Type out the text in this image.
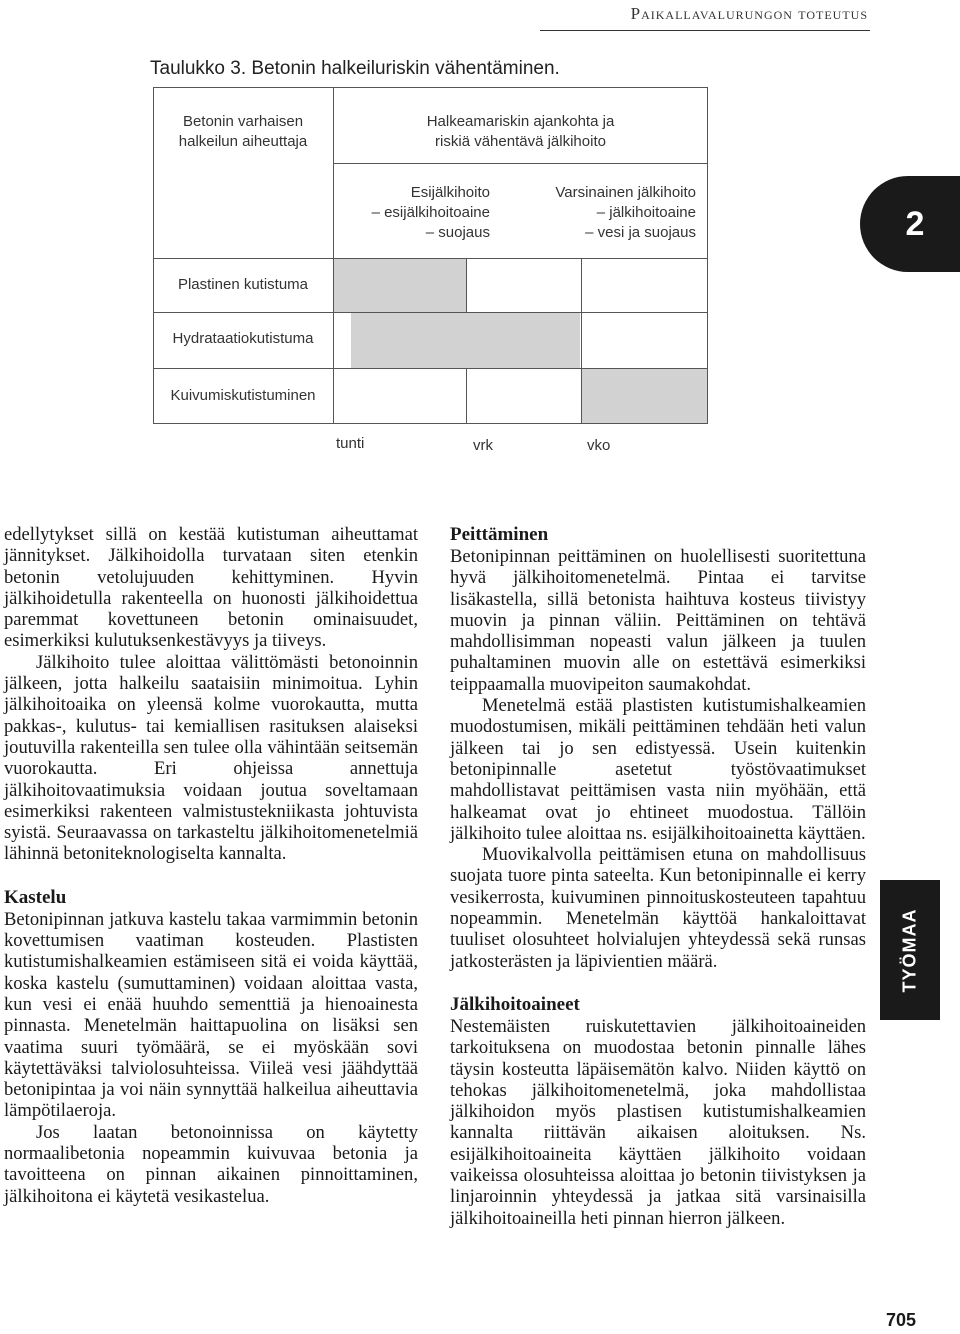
Paikallavalurungon toteutus
Taulukko 3. Betonin halkeiluriskin vähentäminen.
Betonin varhaisen
halkeilun aiheuttaja
Halkeamariskin ajankohta ja
riskiä vähentävä jälkihoito
Esijälkihoito
– esijälkihoitoaine
– suojaus
Varsinainen jälkihoito
– jälkihoitoaine
– vesi ja suojaus
Plastinen kutistuma
Hydrataatiokutistuma
Kuivumiskutistuminen
tunti	vrk	vko
2
TYÖMAA

edellytykset sillä on kestää kutistuman aiheuttamat jännitykset. Jälkihoidolla turvataan siten etenkin betonin vetolujuuden kehittyminen. Hyvin jälkihoidetulla rakenteella on huonosti jälkihoidettua paremmat kovettuneen betonin ominaisuudet, esimerkiksi kulutuksenkestävyys ja tiiveys.

Jälkihoito tulee aloittaa välittömästi betonoinnin jälkeen, jotta halkeilu saataisiin minimoitua. Lyhin jälkihoitoaika on yleensä kolme vuorokautta, mutta pakkas-, kulutus- tai kemiallisen rasituksen alaiseksi joutuvilla rakenteilla sen tulee olla vähintään seitsemän vuorokautta. Eri ohjeissa annettuja jälkihoitovaatimuksia voidaan joutua soveltamaan esimerkiksi rakenteen valmistustekniikasta johtuvista syistä. Seuraavassa on tarkasteltu jälkihoitomenetelmiä lähinnä betoniteknologiselta kannalta.

Kastelu

Betonipinnan jatkuva kastelu takaa varmimmin betonin kovettumisen vaatiman kosteuden. Plastisten kutistumishalkeamien estämiseen sitä ei voida käyttää, koska kastelu (sumuttaminen) voidaan aloittaa vasta, kun vesi ei enää huuhdo sementtiä ja hienoainesta pinnasta. Menetelmän haittapuolina on lisäksi sen vaatima suuri työmäärä, se ei myöskään sovi käytettäväksi talviolosuhteissa. Viileä vesi jäähdyttää betonipintaa ja voi näin synnyttää halkeilua aiheuttavia lämpötilaeroja.

Jos laatan betonoinnissa on käytetty normaalibetonia nopeammin kuivuvaa betonia ja tavoitteena on pinnan aikainen pinnoittaminen, jälkihoitona ei käytetä vesikastelua.

Peittäminen

Betonipinnan peittäminen on huolellisesti suoritettuna hyvä jälkihoitomenetelmä. Pintaa ei tarvitse lisäkastella, sillä betonista haihtuva kosteus tiivistyy muovin ja pinnan väliin. Peittäminen on tehtävä mahdollisimman nopeasti valun jälkeen ja tuulen puhaltaminen muovin alle on estettävä esimerkiksi teippaamalla muovipeiton saumakohdat.

Menetelmä estää plastisten kutistumishalkeamien muodostumisen, mikäli peittäminen tehdään heti valun jälkeen tai jo sen edistyessä. Usein kuitenkin betonipinnalle asetetut työstövaatimukset mahdollistavat peittämisen vasta niin myöhään, että halkeamat ovat jo ehtineet muodostua. Tällöin jälkihoito tulee aloittaa ns. esijälkihoitoainetta käyttäen.

Muovikalvolla peittämisen etuna on mahdollisuus suojata tuore pinta sateelta. Kun betonipinnalle ei kerry vesikerrosta, kuivuminen pinnoituskosteuteen tapahtuu nopeammin. Menetelmän käyttöä hankaloittavat tuuliset olosuhteet holvialujen yhteydessä sekä runsas jatkosterästen ja läpivientien määrä.

Jälkihoitoaineet

Nestemäisten ruiskutettavien jälkihoitoaineiden tarkoituksena on muodostaa betonin pinnalle lähes täysin kosteutta läpäisemätön kalvo. Niiden käyttö on tehokas jälkihoitomenetelmä, joka mahdollistaa jälkihoidon myös plastisen kutistumishalkeamien kannalta riittävän aikaisen aloituksen. Ns. esijälkihoitoaineita käyttäen jälkihoito voidaan vaikeissa olosuhteissa aloittaa jo betonin tiivistyksen ja linjaroinnin yhteydessä ja jatkaa sitä varsinaisilla jälkihoitoaineilla heti pinnan hierron jälkeen.

705
